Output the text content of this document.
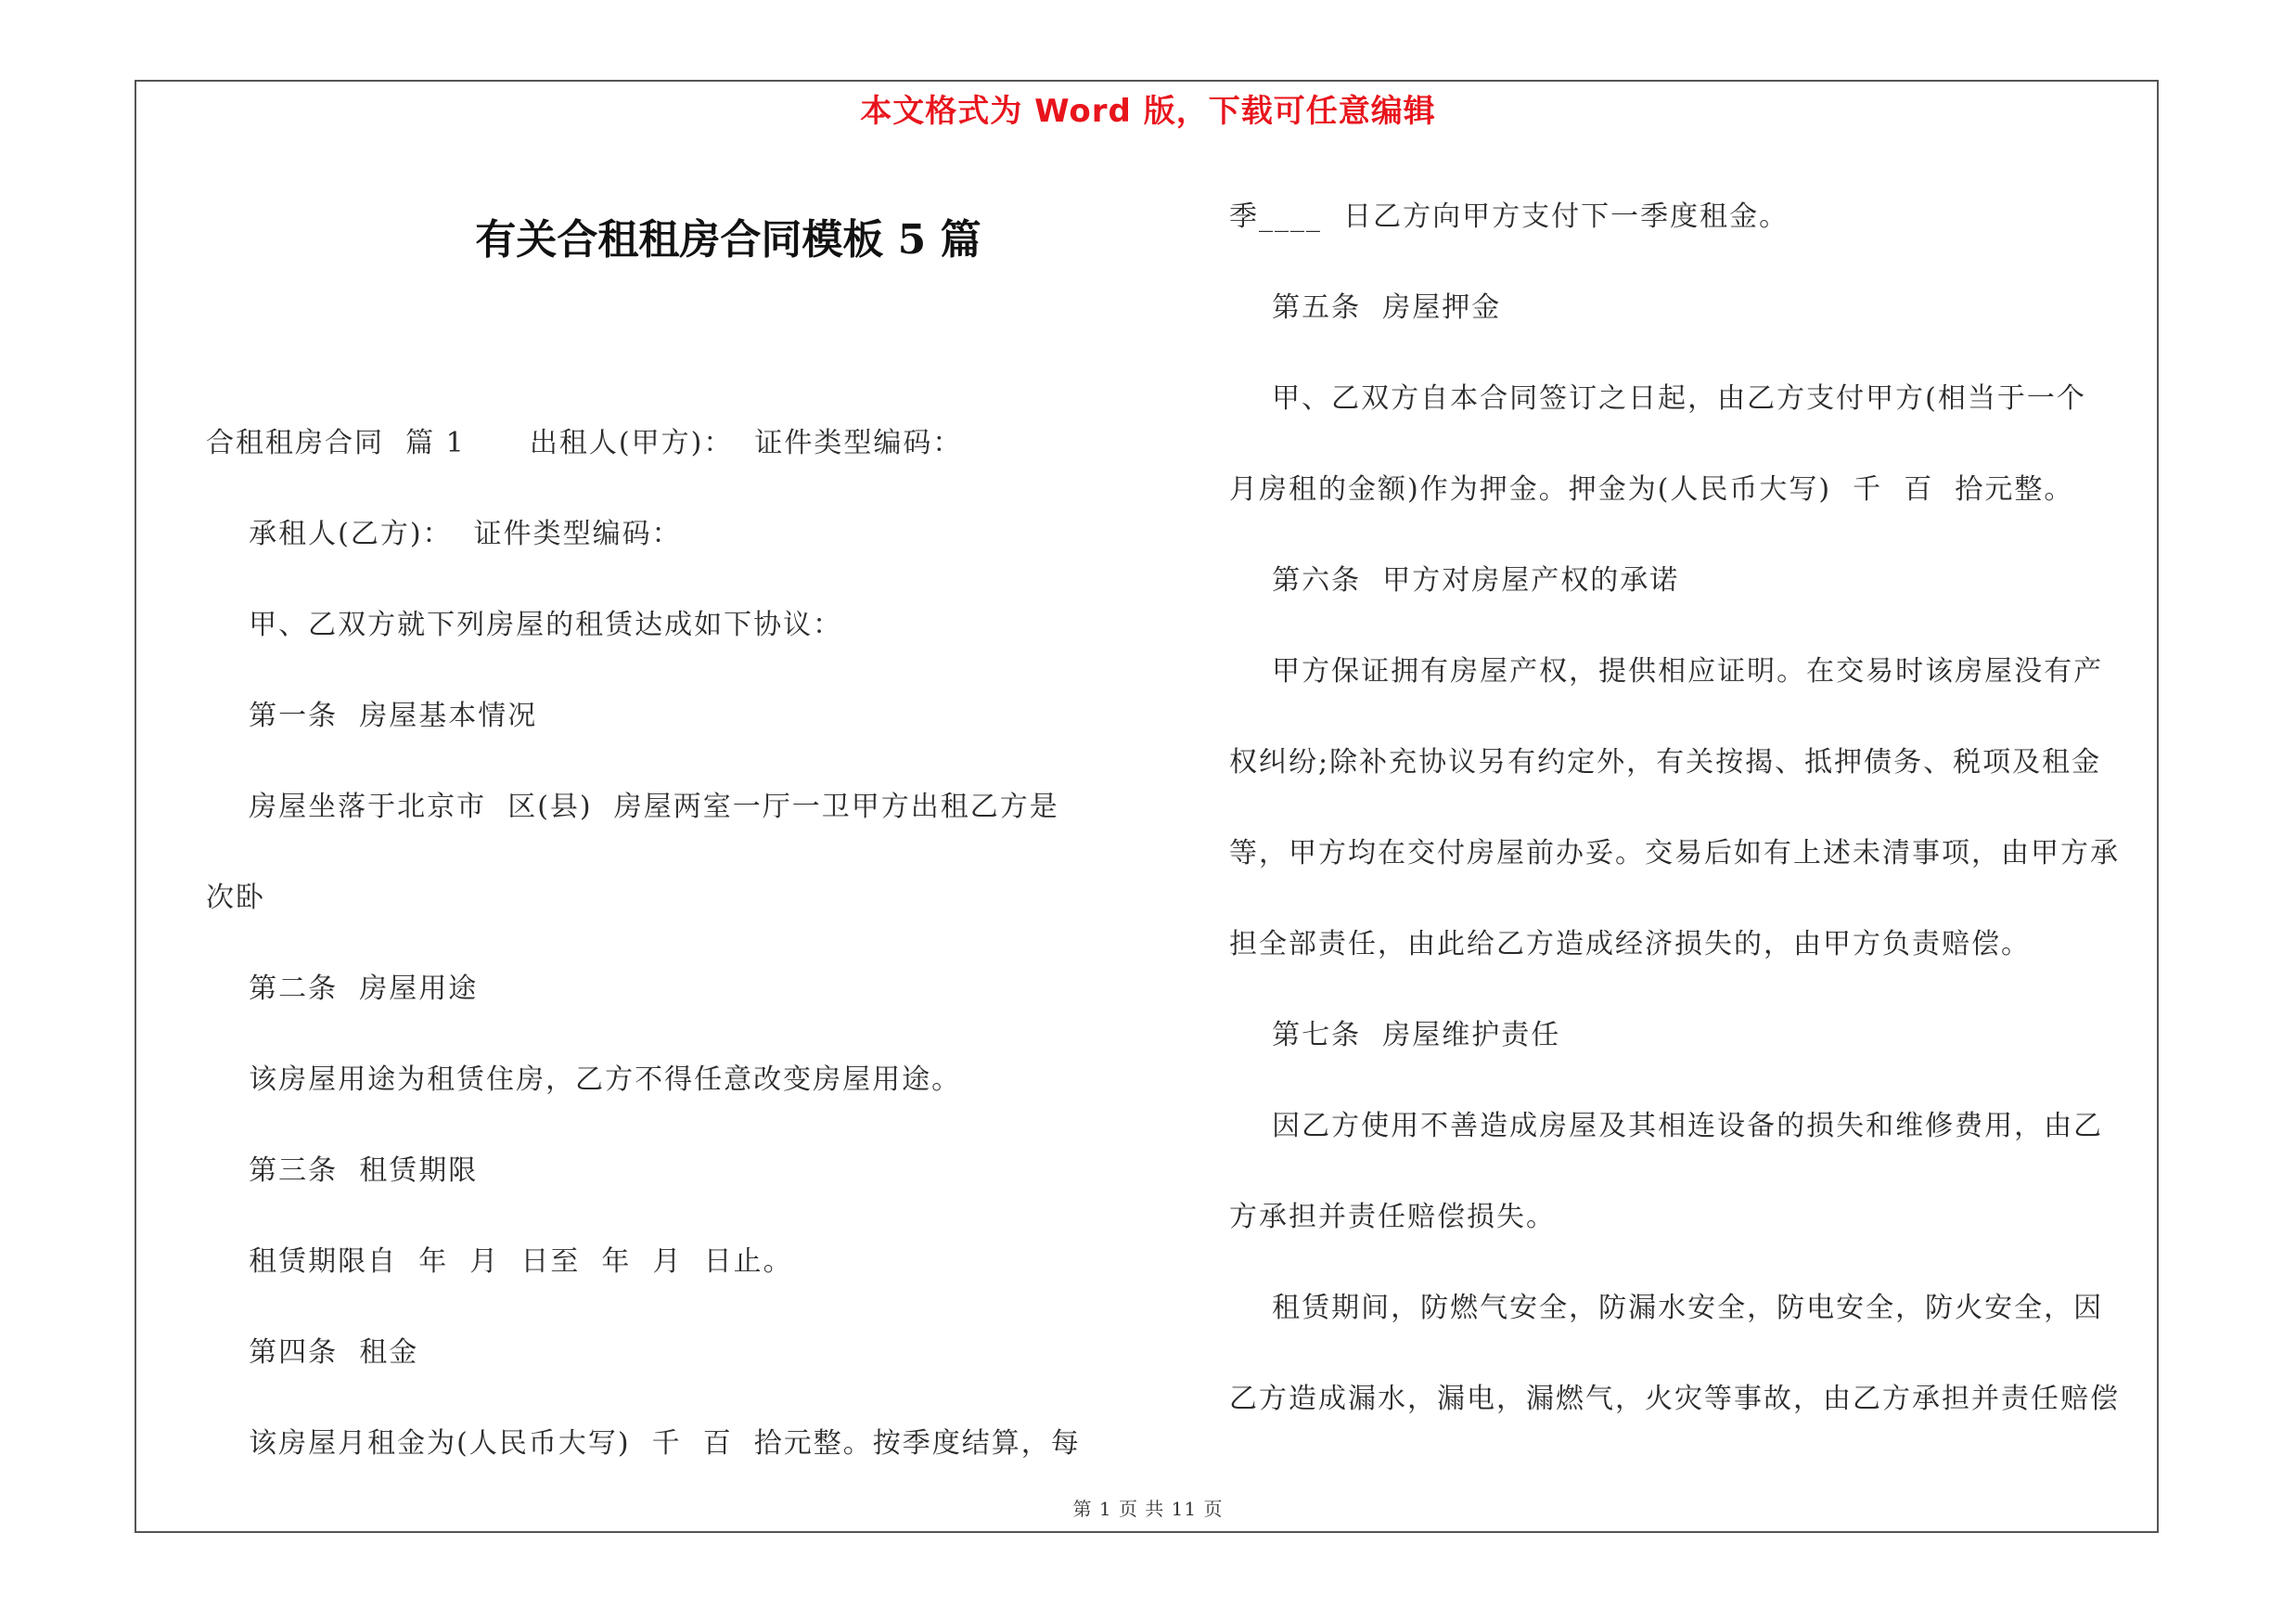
本文格式为 Word 版，下载可任意编辑
有关合租租房合同模板 5 篇
合租租房合同  篇 1      出租人(甲方)：  证件类型编码：
承租人(乙方)：  证件类型编码：
甲、乙双方就下列房屋的租赁达成如下协议：
第一条  房屋基本情况
房屋坐落于北京市  区(县)  房屋两室一厅一卫甲方出租乙方是
次卧
第二条  房屋用途
该房屋用途为租赁住房，乙方不得任意改变房屋用途。
第三条  租赁期限
租赁期限自  年  月  日至  年  月  日止。
第四条  租金
该房屋月租金为(人民币大写)  千  百  拾元整。按季度结算，每
季____  日乙方向甲方支付下一季度租金。
第五条  房屋押金
甲、乙双方自本合同签订之日起，由乙方支付甲方(相当于一个
月房租的金额)作为押金。押金为(人民币大写)  千  百  拾元整。
第六条  甲方对房屋产权的承诺
甲方保证拥有房屋产权，提供相应证明。在交易时该房屋没有产
权纠纷;除补充协议另有约定外，有关按揭、抵押债务、税项及租金
等，甲方均在交付房屋前办妥。交易后如有上述未清事项，由甲方承
担全部责任，由此给乙方造成经济损失的，由甲方负责赔偿。
第七条  房屋维护责任
因乙方使用不善造成房屋及其相连设备的损失和维修费用，由乙
方承担并责任赔偿损失。
租赁期间，防燃气安全，防漏水安全，防电安全，防火安全，因
乙方造成漏水，漏电，漏燃气，火灾等事故，由乙方承担并责任赔偿
第 1 页 共 11 页
